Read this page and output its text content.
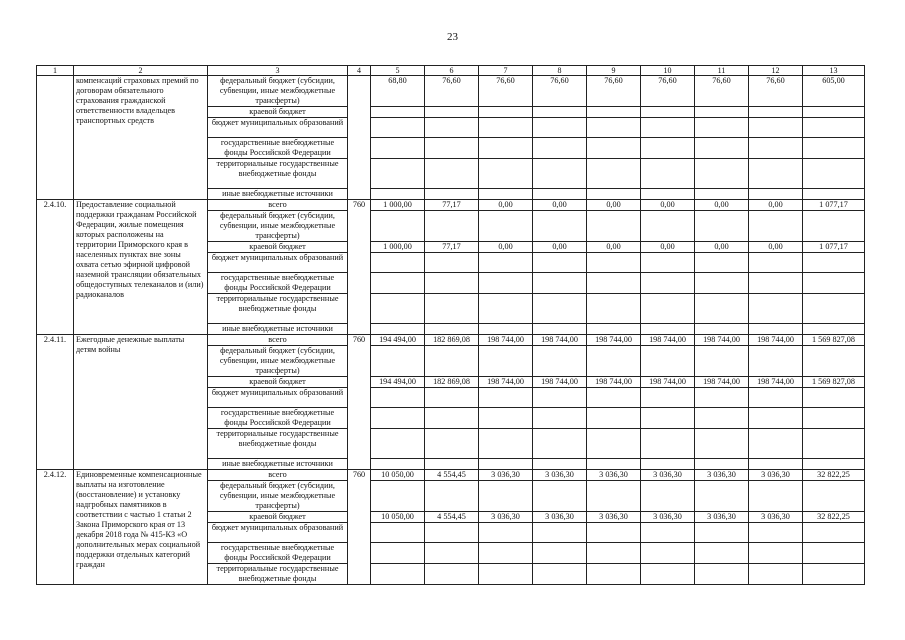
23
1	2	3	4	5	6	7	8	9	10	11	12	13
	компенсаций страховых премий по договорам обязательного страхования гражданской ответственности владельцев транспортных средств	федеральный бюджет (субсидии, субвенции, иные межбюджетные трансферты)		68,80	76,60	76,60	76,60	76,60	76,60	76,60	76,60	605,00
		краевой бюджет										
		бюджет муниципальных образований										
		государственные внебюджетные фонды Российской Федерации										
		территориальные государственные внебюджетные фонды										
		иные внебюджетные источники										
2.4.10.	Предоставление социальной поддержки гражданам Российской Федерации, жилые помещения которых расположены на территории Приморского края в населенных пунктах вне зоны охвата сетью эфирной цифровой наземной трансляции обязательных общедоступных телеканалов и (или) радиоканалов	всего	760	1 000,00	77,17	0,00	0,00	0,00	0,00	0,00	0,00	1 077,17
		федеральный бюджет (субсидии, субвенции, иные межбюджетные трансферты)										
		краевой бюджет		1 000,00	77,17	0,00	0,00	0,00	0,00	0,00	0,00	1 077,17
		бюджет муниципальных образований										
		государственные внебюджетные фонды Российской Федерации										
		территориальные государственные внебюджетные фонды										
		иные внебюджетные источники										
2.4.11.	Ежегодные денежные выплаты детям войны	всего	760	194 494,00	182 869,08	198 744,00	198 744,00	198 744,00	198 744,00	198 744,00	198 744,00	1 569 827,08
		федеральный бюджет (субсидии, субвенции, иные межбюджетные трансферты)										
		краевой бюджет		194 494,00	182 869,08	198 744,00	198 744,00	198 744,00	198 744,00	198 744,00	198 744,00	1 569 827,08
		бюджет муниципальных образований										
		государственные внебюджетные фонды Российской Федерации										
		территориальные государственные внебюджетные фонды										
		иные внебюджетные источники										
2.4.12.	Единовременные компенсационные выплаты на изготовление (восстановление) и установку надгробных памятников в соответствии с частью 1 статьи 2 Закона Приморского края от 13 декабря 2018 года № 415-КЗ «О дополнительных мерах социальной поддержки отдельных категорий граждан	всего	760	10 050,00	4 554,45	3 036,30	3 036,30	3 036,30	3 036,30	3 036,30	3 036,30	32 822,25
		федеральный бюджет (субсидии, субвенции, иные межбюджетные трансферты)										
		краевой бюджет		10 050,00	4 554,45	3 036,30	3 036,30	3 036,30	3 036,30	3 036,30	3 036,30	32 822,25
		бюджет муниципальных образований										
		государственные внебюджетные фонды Российской Федерации										
		территориальные государственные внебюджетные фонды										
